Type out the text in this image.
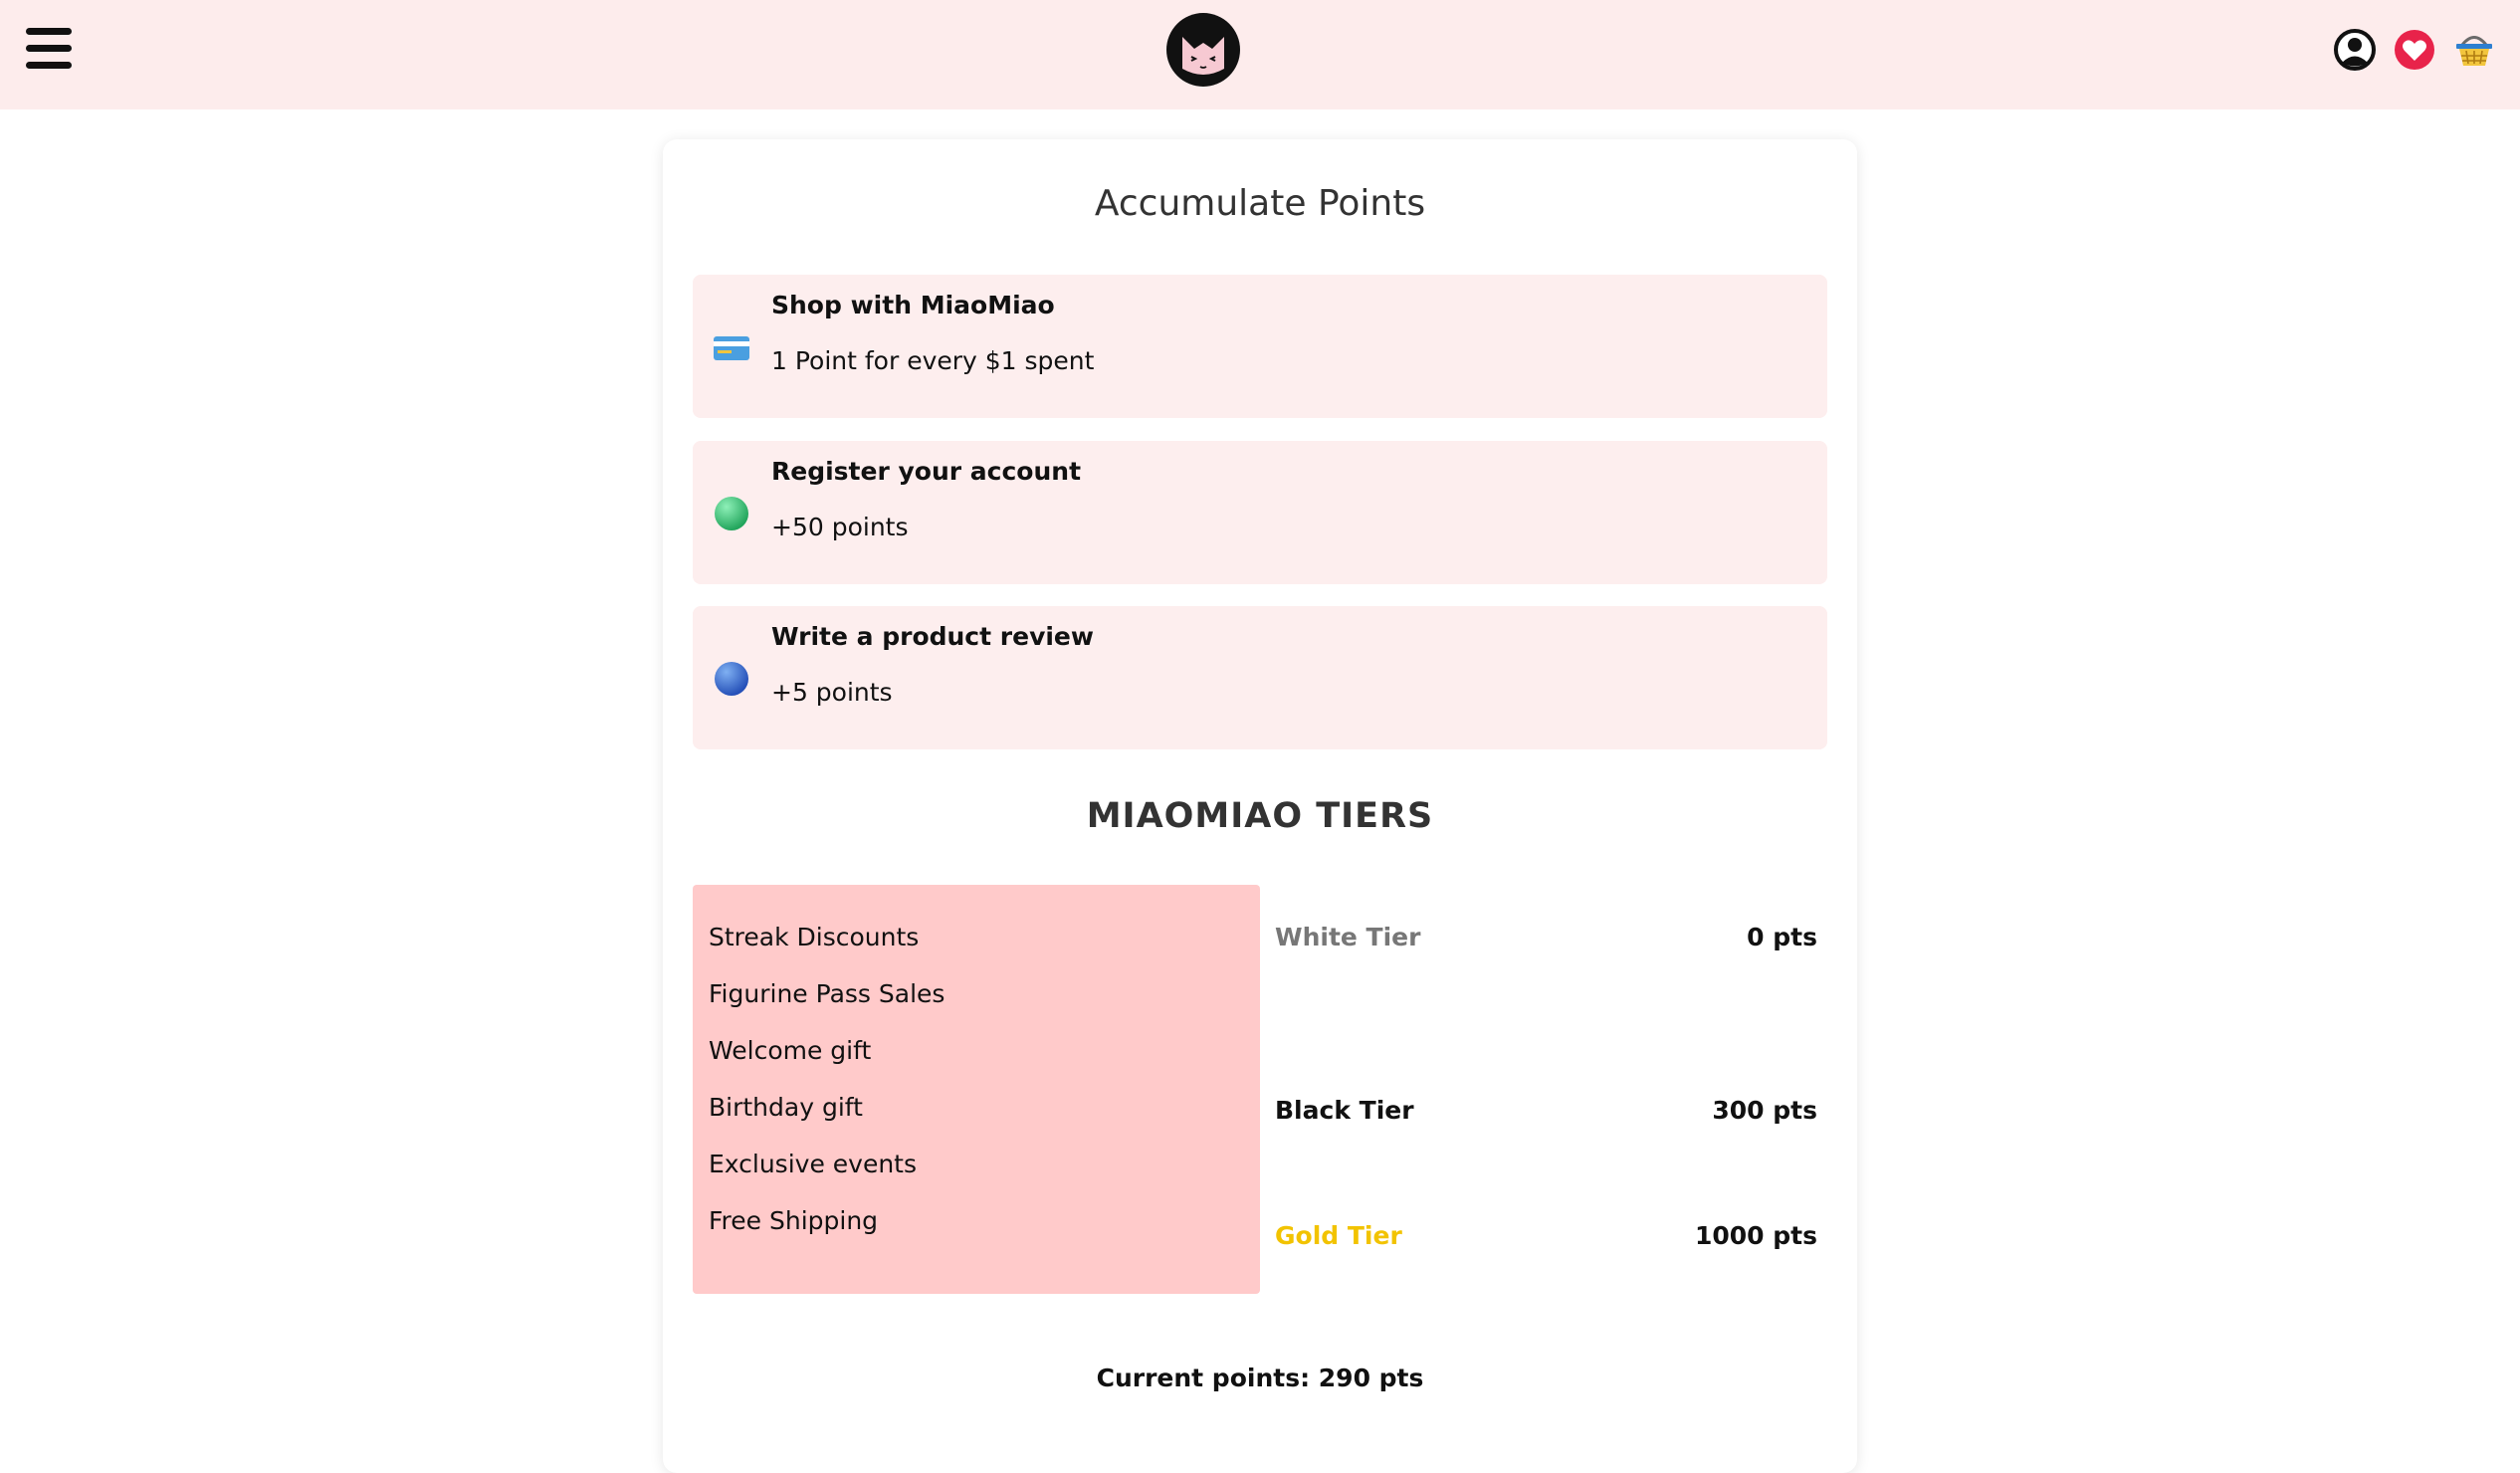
Accumulate Points
Shop with MiaoMiao
1 Point for every $1 spent
Register your account
+50 points
Write a product review
+5 points
MIAOMIAO TIERS
Streak Discounts
Figurine Pass Sales
Welcome gift
Birthday gift
Exclusive events
Free Shipping
White Tier	0 pts
Black Tier	300 pts
Gold Tier	1000 pts
Current points: 290 pts
